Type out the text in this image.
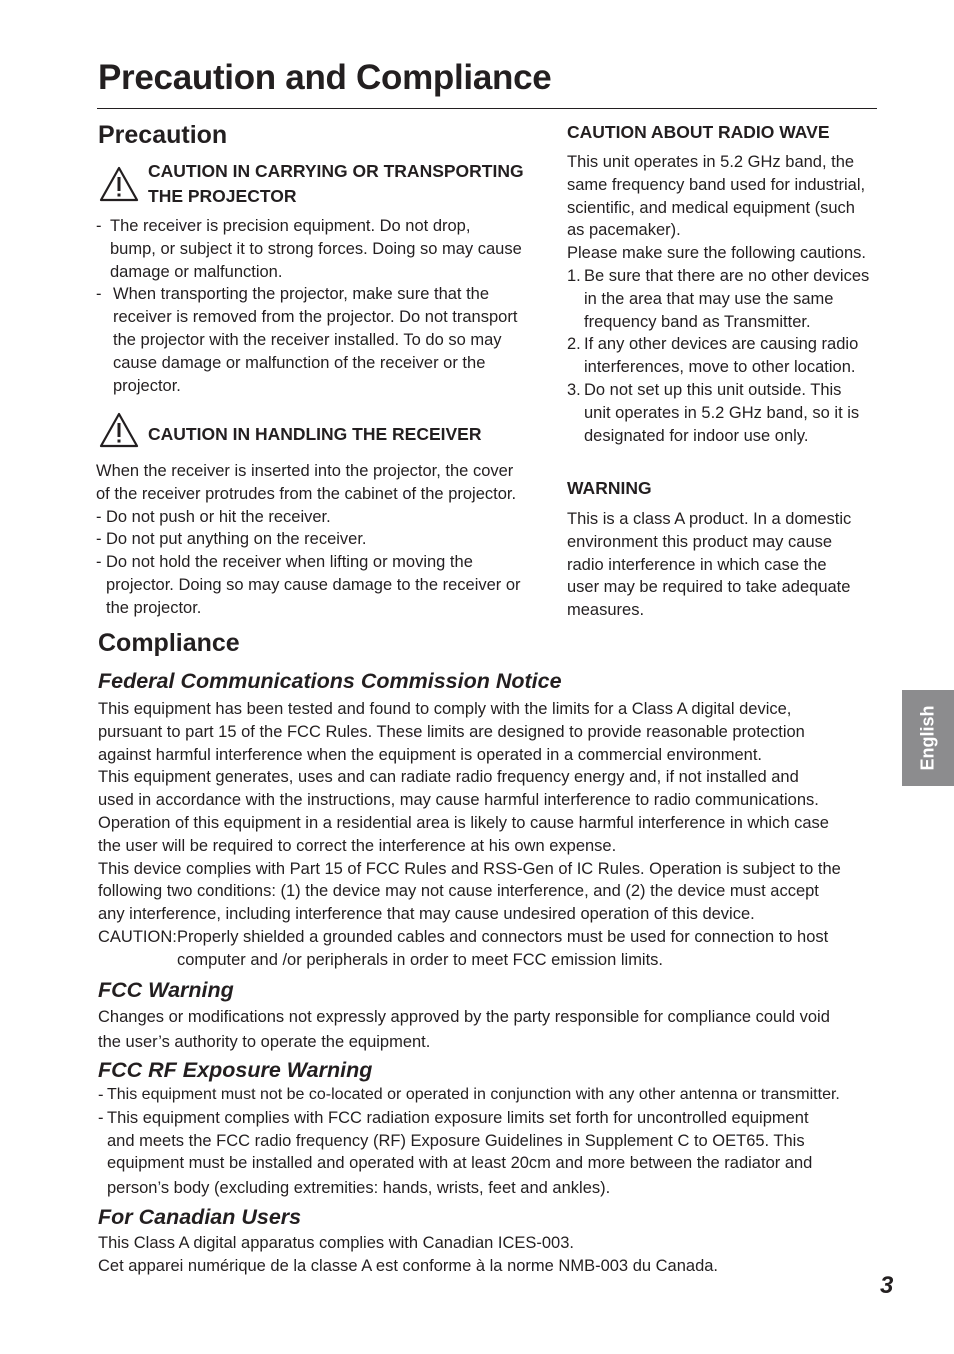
Precaution and Compliance
Precaution
CAUTION IN CARRYING OR TRANSPORTING
THE PROJECTOR
- The receiver is precision equipment. Do not drop,
bump, or subject it to strong forces. Doing so may cause
damage or malfunction.
- When transporting the projector, make sure that the
receiver is removed from the projector. Do not transport
the projector with the receiver installed. To do so may
cause damage or malfunction of the receiver or the
projector.
CAUTION IN HANDLING THE RECEIVER
When the receiver is inserted into the projector, the cover
of the receiver protrudes from the cabinet of the projector.
- Do not push or hit the receiver.
- Do not put anything on the receiver.
- Do not hold the receiver when lifting or moving the
projector. Doing so may cause damage to the receiver or
the projector.
CAUTION ABOUT RADIO WAVE
This unit operates in 5.2 GHz band, the
same frequency band used for industrial,
scientific, and medical equipment (such
as pacemaker).
Please make sure the following cautions.
1. Be sure that there are no other devices
in the area that may use the same
frequency band as Transmitter.
2. If any other devices are causing radio
interferences, move to other location.
3. Do not set up this unit outside. This
unit operates in 5.2 GHz band, so it is
designated for indoor use only.
WARNING
This is a class A product. In a domestic
environment this product may cause
radio interference in which case the
user may be required to take adequate
measures.
Compliance
Federal Communications Commission Notice
This equipment has been tested and found to comply with the limits for a Class A digital device,
pursuant to part 15 of the FCC Rules. These limits are designed to provide reasonable protection
against harmful interference when the equipment is operated in a commercial environment.
This equipment generates, uses and can radiate radio frequency energy and, if not installed and
used in accordance with the instructions, may cause harmful interference to radio communications.
Operation of this equipment in a residential area is likely to cause harmful interference in which case
the user will be required to correct the interference at his own expense.
This device complies with Part 15 of FCC Rules and RSS-Gen of IC Rules. Operation is subject to the
following two conditions: (1) the device may not cause interference, and (2) the device must accept
any interference, including interference that may cause undesired operation of this device.
CAUTION: Properly shielded a grounded cables and connectors must be used for connection to host
computer and /or peripherals in order to meet FCC emission limits.
FCC Warning
Changes or modifications not expressly approved by the party responsible for compliance could void
the user’s authority to operate the equipment.
FCC RF Exposure Warning
- This equipment must not be co-located or operated in conjunction with any other antenna or transmitter.
- This equipment complies with FCC radiation exposure limits set forth for uncontrolled equipment
and meets the FCC radio frequency (RF) Exposure Guidelines in Supplement C to OET65. This
equipment must be installed and operated with at least 20cm and more between the radiator and
person’s body (excluding extremities: hands, wrists, feet and ankles).
For Canadian Users
This Class A digital apparatus complies with Canadian ICES-003.
Cet apparei numérique de la classe A est conforme à la norme NMB-003 du Canada.
English
3
